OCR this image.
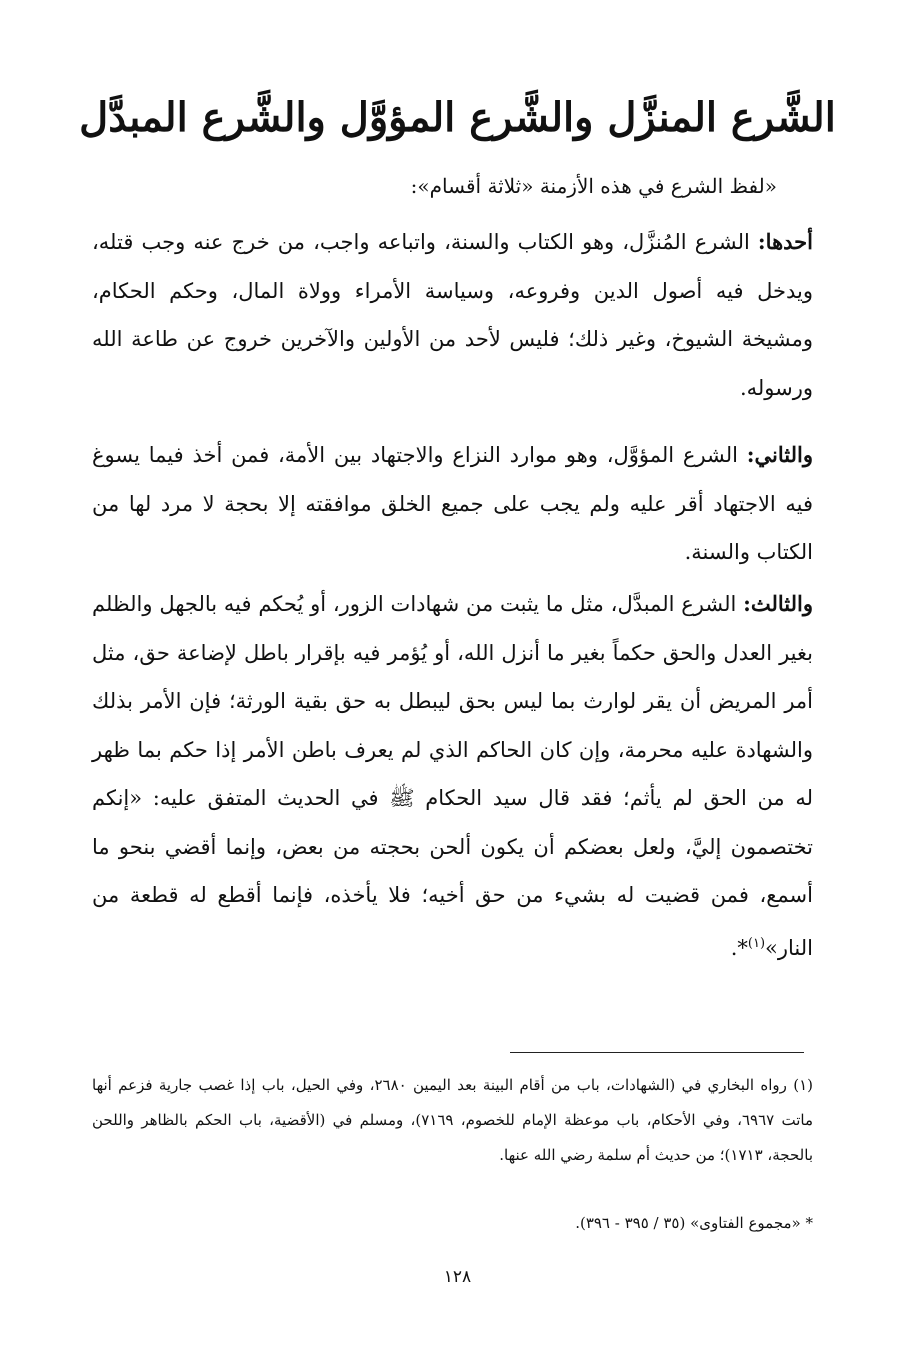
الشَّرع المنزَّل والشَّرع المؤوَّل والشَّرع المبدَّل
«لفظ الشرع في هذه الأزمنة «ثلاثة أقسام»:

أحدها: الشرع المُنزَّل، وهو الكتاب والسنة، واتباعه واجب، من خرج عنه وجب قتله، ويدخل فيه أصول الدين وفروعه، وسياسة الأمراء وولاة المال، وحكم الحكام، ومشيخة الشيوخ، وغير ذلك؛ فليس لأحد من الأولين والآخرين خروج عن طاعة الله ورسوله.

والثاني: الشرع المؤوَّل، وهو موارد النزاع والاجتهاد بين الأمة، فمن أخذ فيما يسوغ فيه الاجتهاد أقر عليه ولم يجب على جميع الخلق موافقته إلا بحجة لا مرد لها من الكتاب والسنة.

والثالث: الشرع المبدَّل، مثل ما يثبت من شهادات الزور، أو يُحكم فيه بالجهل والظلم بغير العدل والحق حكماً بغير ما أنزل الله، أو يُؤمر فيه بإقرار باطل لإضاعة حق، مثل أمر المريض أن يقر لوارث بما ليس بحق ليبطل به حق بقية الورثة؛ فإن الأمر بذلك والشهادة عليه محرمة، وإن كان الحاكم الذي لم يعرف باطن الأمر إذا حكم بما ظهر له من الحق لم يأثم؛ فقد قال سيد الحكام ﷺ في الحديث المتفق عليه: «إنكم تختصمون إليَّ، ولعل بعضكم أن يكون ألحن بحجته من بعض، وإنما أقضي بنحو ما أسمع، فمن قضيت له بشيء من حق أخيه؛ فلا يأخذه، فإنما أقطع له قطعة من النار»$^{(١)}$*.

(١) رواه البخاري في (الشهادات، باب من أقام البينة بعد اليمين ٢٦٨٠، وفي الحيل، باب إذا غصب جارية فزعم أنها ماتت ٦٩٦٧، وفي الأحكام، باب موعظة الإمام للخصوم، ٧١٦٩)، ومسلم في (الأقضية، باب الحكم بالظاهر واللحن بالحجة، ١٧١٣)؛ من حديث أم سلمة رضي الله عنها.
* «مجموع الفتاوى» (٣٥ / ٣٩٥ - ٣٩٦).
١٢٨
